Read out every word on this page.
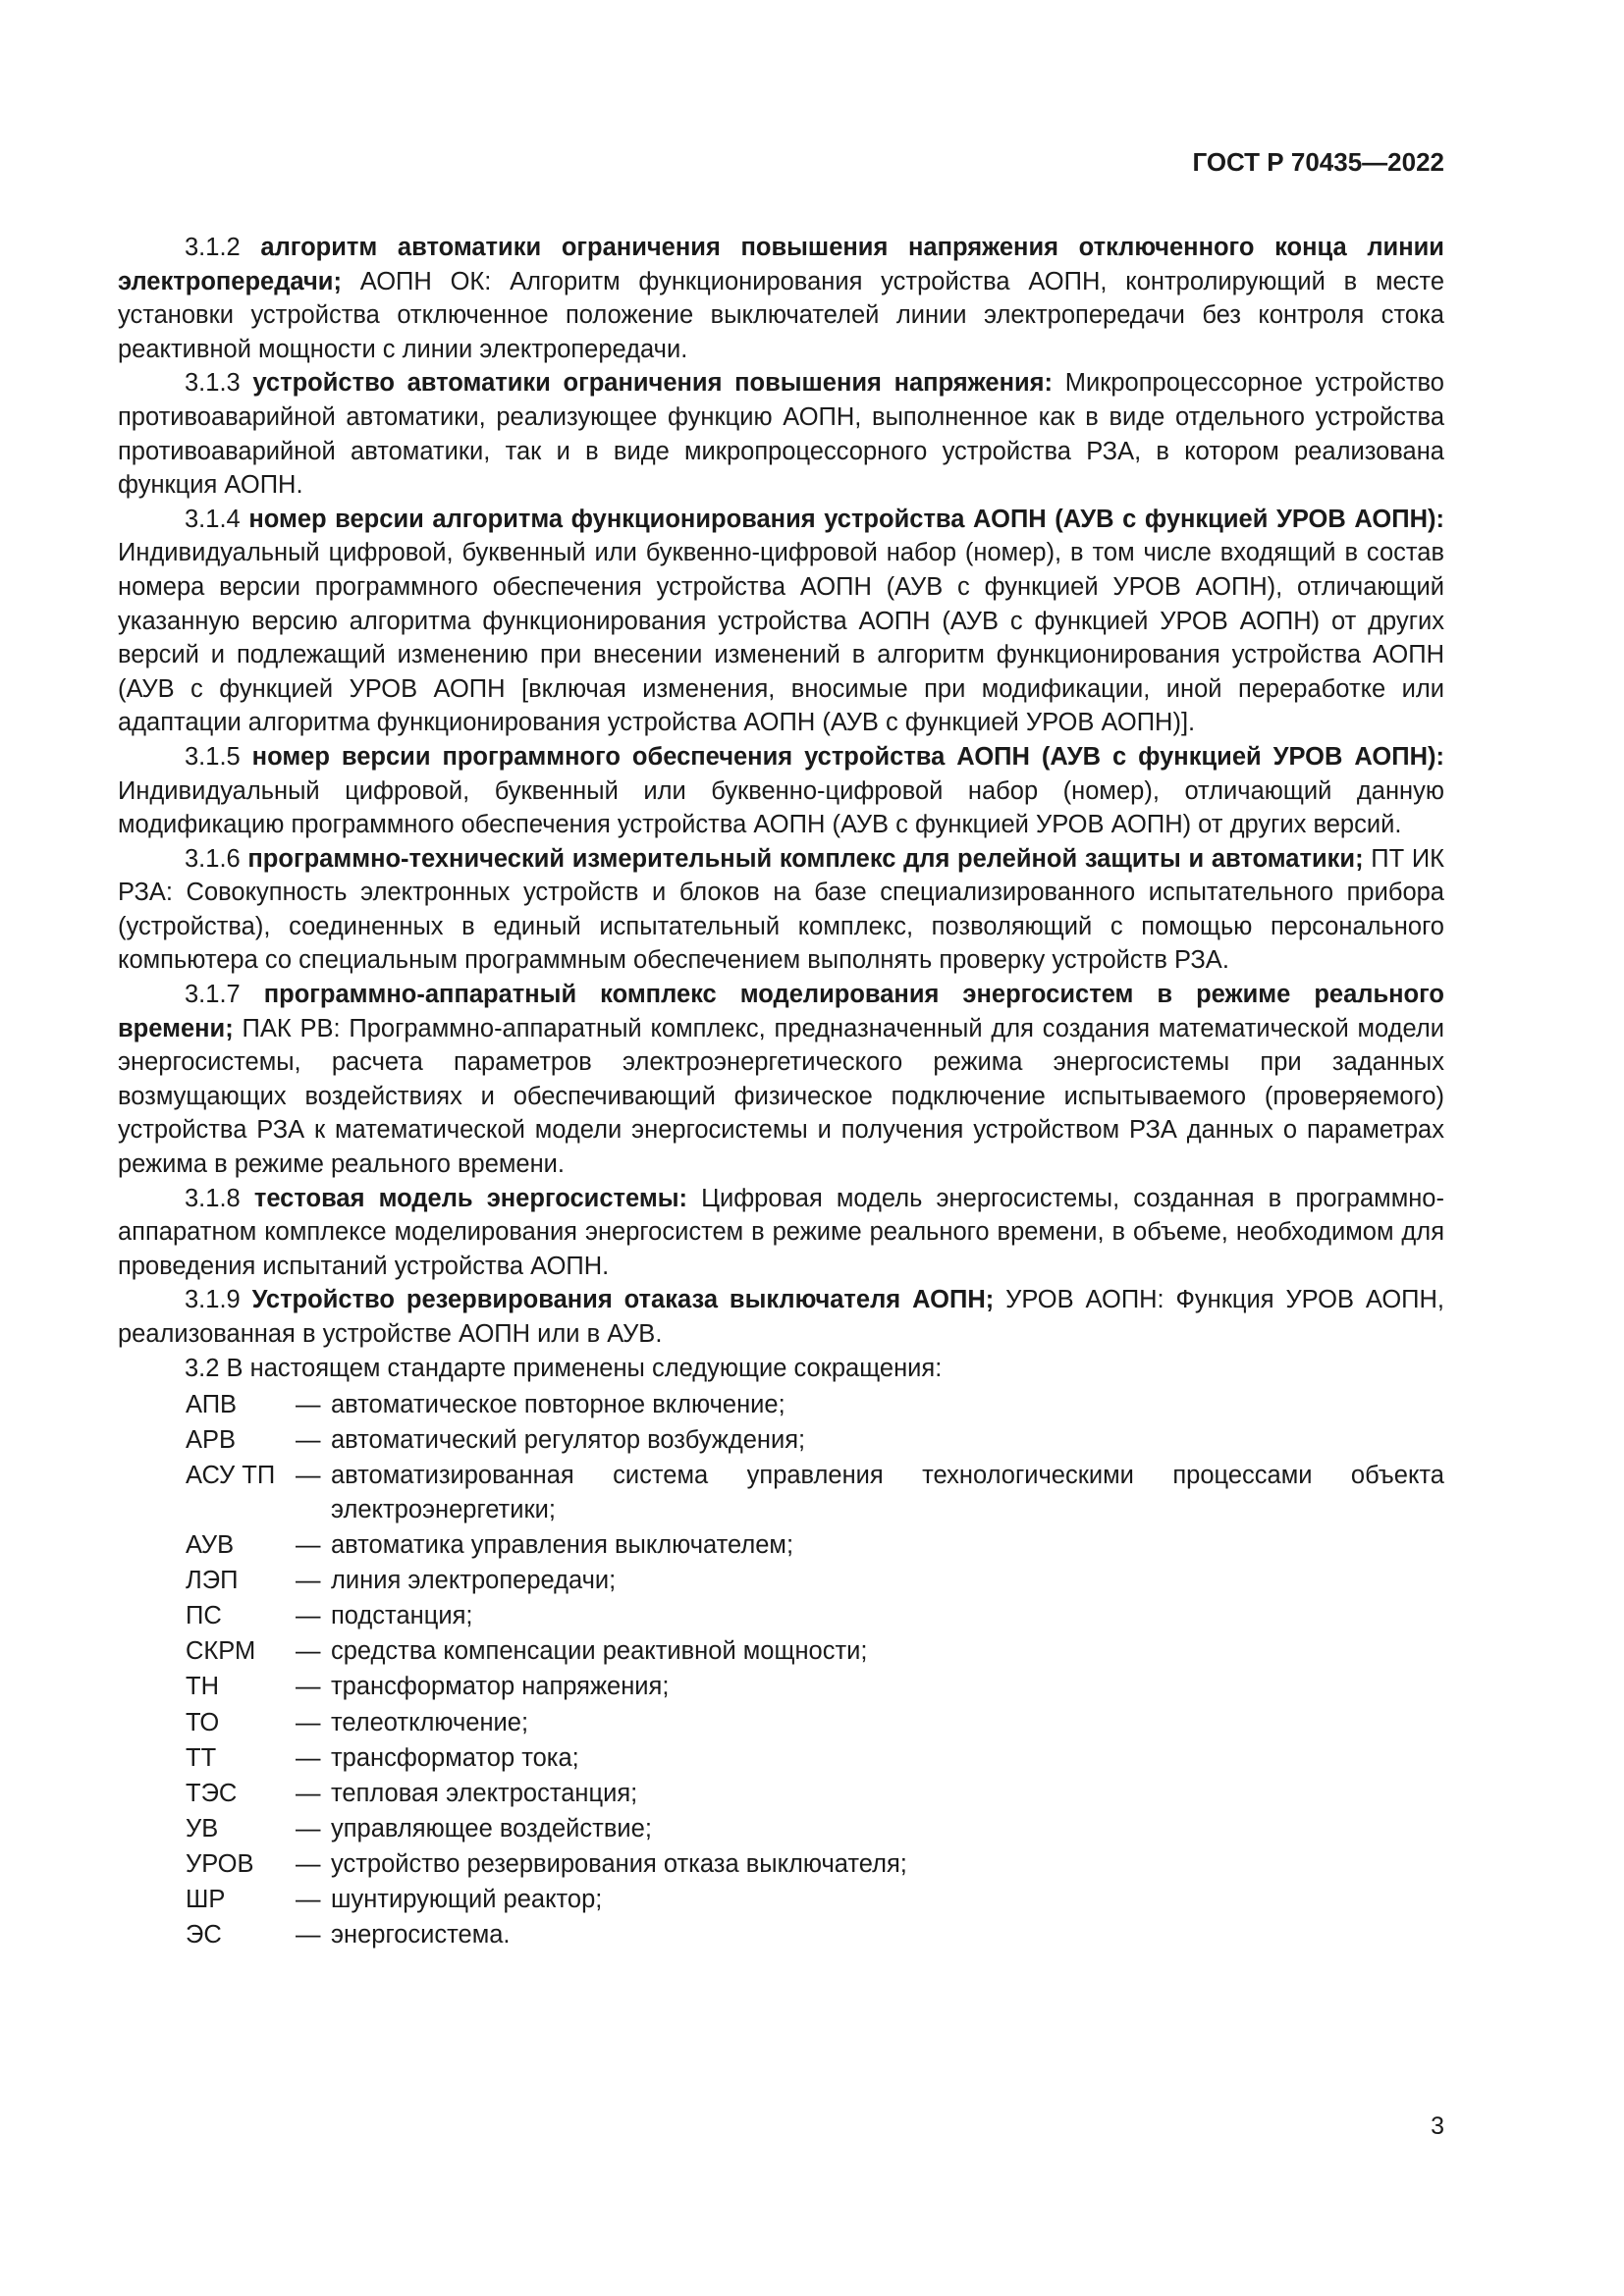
ГОСТ Р 70435—2022

3.1.2 алгоритм автоматики ограничения повышения напряжения отключенного конца линии электропередачи; АОПН ОК: Алгоритм функционирования устройства АОПН, контролирующий в месте установки устройства отключенное положение выключателей линии электропередачи без контроля стока реактивной мощности с линии электропередачи.

3.1.3 устройство автоматики ограничения повышения напряжения: Микропроцессорное устройство противоаварийной автоматики, реализующее функцию АОПН, выполненное как в виде отдельного устройства противоаварийной автоматики, так и в виде микропроцессорного устройства РЗА, в котором реализована функция АОПН.

3.1.4 номер версии алгоритма функционирования устройства АОПН (АУВ с функцией УРОВ АОПН): Индивидуальный цифровой, буквенный или буквенно-цифровой набор (номер), в том числе входящий в состав номера версии программного обеспечения устройства АОПН (АУВ с функцией УРОВ АОПН), отличающий указанную версию алгоритма функционирования устройства АОПН (АУВ с функцией УРОВ АОПН) от других версий и подлежащий изменению при внесении изменений в алгоритм функционирования устройства АОПН (АУВ с функцией УРОВ АОПН [включая изменения, вносимые при модификации, иной переработке или адаптации алгоритма функционирования устройства АОПН (АУВ с функцией УРОВ АОПН)].

3.1.5 номер версии программного обеспечения устройства АОПН (АУВ с функцией УРОВ АОПН): Индивидуальный цифровой, буквенный или буквенно-цифровой набор (номер), отличающий данную модификацию программного обеспечения устройства АОПН (АУВ с функцией УРОВ АОПН) от других версий.

3.1.6 программно-технический измерительный комплекс для релейной защиты и автоматики; ПТ ИК РЗА: Совокупность электронных устройств и блоков на базе специализированного испытательного прибора (устройства), соединенных в единый испытательный комплекс, позволяющий с помощью персонального компьютера со специальным программным обеспечением выполнять проверку устройств РЗА.

3.1.7 программно-аппаратный комплекс моделирования энергосистем в режиме реального времени; ПАК РВ: Программно-аппаратный комплекс, предназначенный для создания математической модели энергосистемы, расчета параметров электроэнергетического режима энергосистемы при заданных возмущающих воздействиях и обеспечивающий физическое подключение испытываемого (проверяемого) устройства РЗА к математической модели энергосистемы и получения устройством РЗА данных о параметрах режима в режиме реального времени.

3.1.8 тестовая модель энергосистемы: Цифровая модель энергосистемы, созданная в программно-аппаратном комплексе моделирования энергосистем в режиме реального времени, в объеме, необходимом для проведения испытаний устройства АОПН.

3.1.9 Устройство резервирования отаказа выключателя АОПН; УРОВ АОПН: Функция УРОВ АОПН, реализованная в устройстве АОПН или в АУВ.

3.2 В настоящем стандарте применены следующие сокращения:

АПВ	— автоматическое повторное включение;
АРВ	— автоматический регулятор возбуждения;
АСУ ТП — автоматизированная система управления технологическими процессами объекта электроэнергетики;
АУВ	— автоматика управления выключателем;
ЛЭП	— линия электропередачи;
ПС	— подстанция;
СКРМ	— средства компенсации реактивной мощности;
ТН	— трансформатор напряжения;
ТО	— телеотключение;
ТТ	— трансформатор тока;
ТЭС	— тепловая электростанция;
УВ	— управляющее воздействие;
УРОВ	— устройство резервирования отказа выключателя;
ШР	— шунтирующий реактор;
ЭС	— энергосистема.
3
